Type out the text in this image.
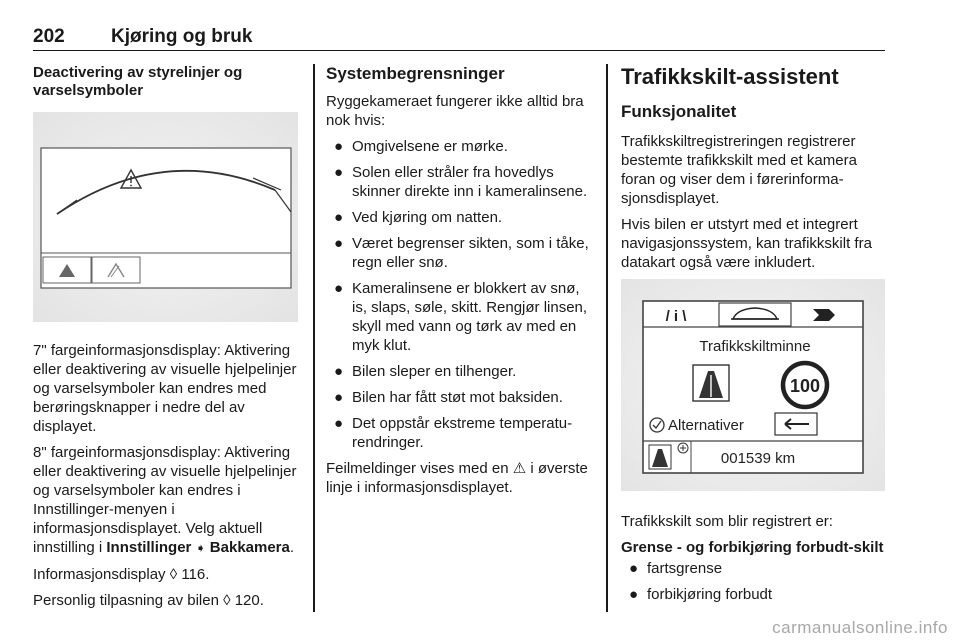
202 Kjøring og bruk
Deactivering av styrelinjer og varselsymboler

7" fargeinformasjonsdisplay: Aktivering eller deaktivering av visuelle hjelpelinjer og varselsymboler kan endres med berøringsknapper i nedre del av displayet.

8" fargeinformasjonsdisplay: Aktivering eller deaktivering av visuelle hjelpelinjer og varselsymboler kan endres i Innstillinger-menyen i informasjonsdisplayet. Velg aktuell innstilling i Innstillinger ➧ Bakkamera.

Informasjonsdisplay ◊ 116.

Personlig tilpasning av bilen ◊ 120.

Systembegrensninger

Ryggekameraet fungerer ikke alltid bra nok hvis:

● Omgivelsene er mørke.
● Solen eller stråler fra hovedlys skinner direkte inn i kameralinsene.
● Ved kjøring om natten.
● Været begrenser sikten, som i tåke, regn eller snø.
● Kameralinsene er blokkert av snø, is, slaps, søle, skitt. Rengjør linsen, skyll med vann og tørk av med en myk klut.
● Bilen sleper en tilhenger.
● Bilen har fått støt mot baksiden.
● Det oppstår ekstreme temperaturendringer.

Feilmeldinger vises med en ⚠ i øverste linje i informasjonsdisplayet.

Trafikkskilt-assistent
Funksjonalitet

Trafikkskiltregistreringen registrerer bestemte trafikkskilt med et kamera foran og viser dem i førerinformasjonsdisplayet.

Hvis bilen er utstyrt med et integrert navigasjonssystem, kan trafikkskilt fra datakart også være inkludert.

/ i \
Trafikkskiltminne
100
Alternativer
001539 km

Trafikkskilt som blir registrert er:

Grense - og forbikjøring forbudt-skilt
● fartsgrense
● forbikjøring forbudt
carmanualsonline.info
